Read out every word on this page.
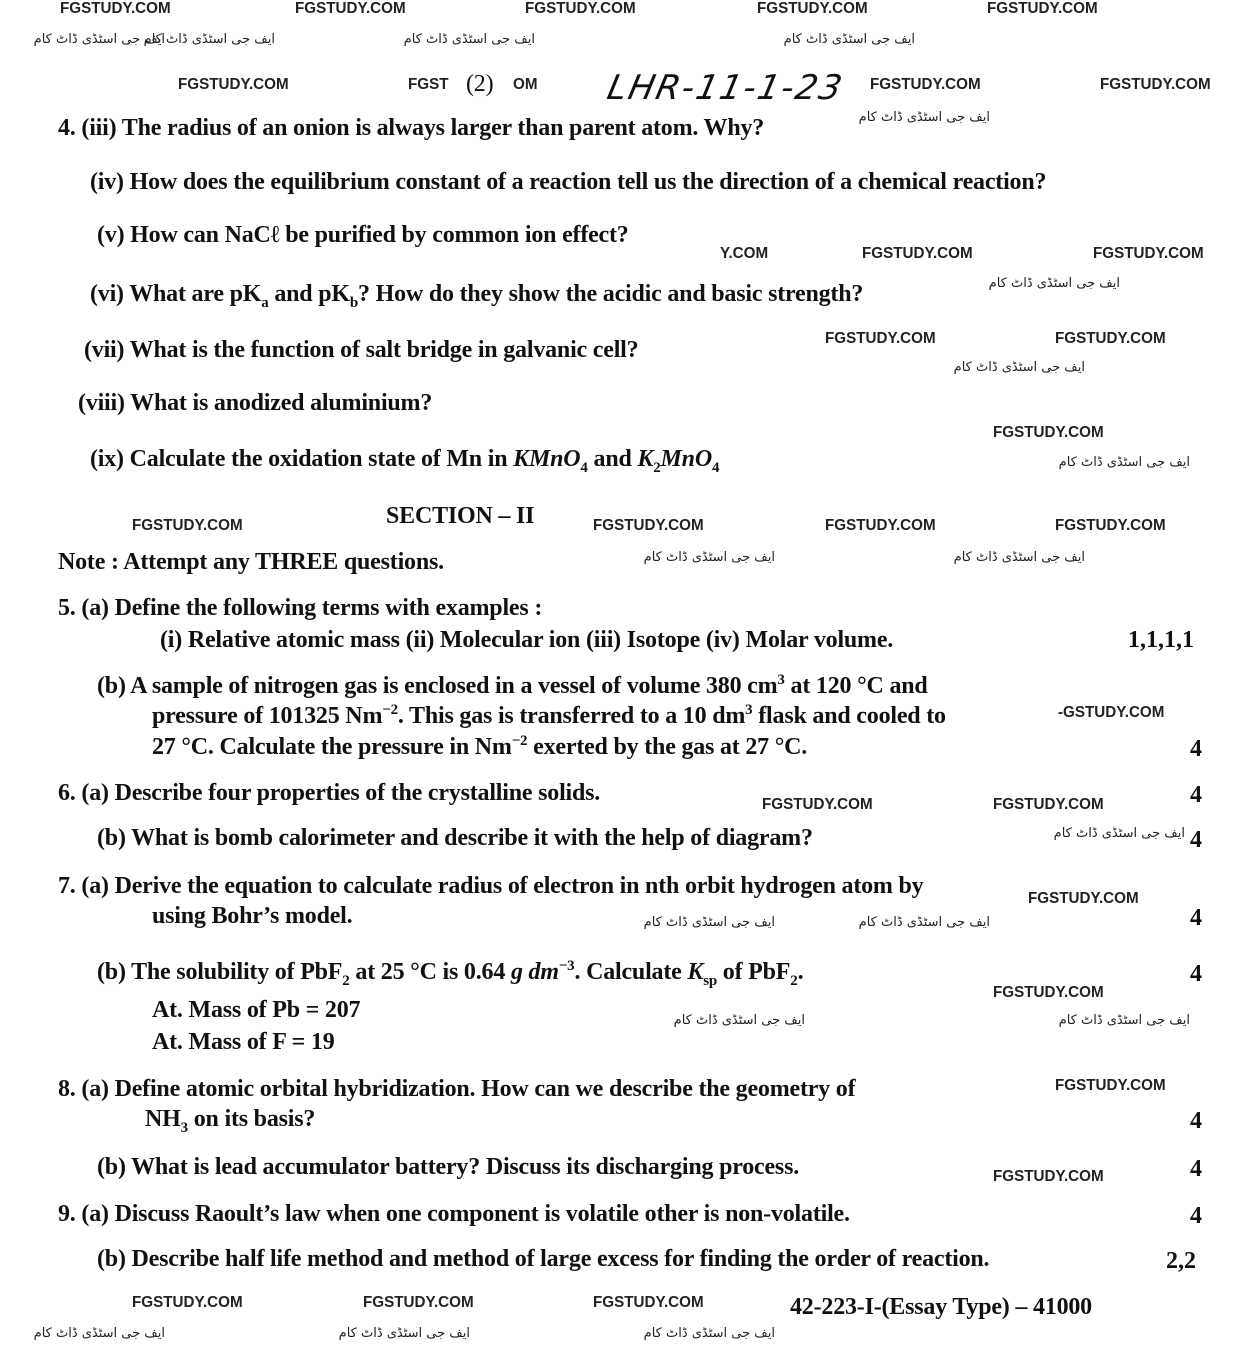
FGSTUDY.COM	FGSTUDY.COM	FGSTUDY.COM	FGSTUDY.COM	FGSTUDY.COM
ایف جی اسٹڈی ڈاٹ کام
ایف جی اسٹڈی ڈاٹ کام	ایف جی اسٹڈی ڈاٹ کام	ایف جی اسٹڈی ڈاٹ کام
FGSTUDY.COM	FGST (2) OM LHR-11-1-23 FGSTUDY.COM	FGSTUDY.COM
4. (iii) The radius of an onion is always larger than parent atom. Why?	ایف جی اسٹڈی ڈاٹ کام
(iv) How does the equilibrium constant of a reaction tell us the direction of a chemical reaction?
(v) How can NaCℓ be purified by common ion effect?
Y.COM	FGSTUDY.COM	FGSTUDY.COM
(vi) What are $pK_a$ and $pK_b$? How do they show the acidic and basic strength?	ایف جی اسٹڈی ڈاٹ کام
FGSTUDY.COM	FGSTUDY.COM
(vii) What is the function of salt bridge in galvanic cell?
ایف جی اسٹڈی ڈاٹ کام
(viii) What is anodized aluminium?
FGSTUDY.COM
(ix) Calculate the oxidation state of Mn in KMnO$_4$ and $K_2MnO_4$	ایف جی اسٹڈی ڈاٹ کام
FGSTUDY.COM	SECTION – II	FGSTUDY.COM	FGSTUDY.COM	FGSTUDY.COM
Note : Attempt any THREE questions.	ایف جی اسٹڈی ڈاٹ کام	ایف جی اسٹڈی ڈاٹ کام
5. (a) Define the following terms with examples :
(i) Relative atomic mass (ii) Molecular ion (iii) Isotope (iv) Molar volume.	1,1,1,1
(b) A sample of nitrogen gas is enclosed in a vessel of volume 380 $cm^3$ at 120 °C and
pressure of 101325 $Nm^{-2}$. This gas is transferred to a 10 $dm^3$ flask and cooled to	-GSTUDY.COM
27 °C. Calculate the pressure in $Nm^{-2}$ exerted by the gas at 27 °C.	4
6. (a) Describe four properties of the crystalline solids.	FGSTUDY.COM	FGSTUDY.COM	4
(b) What is bomb calorimeter and describe it with the help of diagram?	ایف جی اسٹڈی ڈاٹ کام 4
7. (a) Derive the equation to calculate radius of electron in nth orbit hydrogen atom by	FGSTUDY.COM
using Bohr’s model.	ایف جی اسٹڈی ڈاٹ کام	ایف جی اسٹڈی ڈاٹ کام	4
(b) The solubility of PbF$_2$ at 25 °C is 0.64 g $dm^{-3}$. Calculate $K_{sp}$ of PbF$_2$.	4
FGSTUDY.COM
At. Mass of Pb = 207	ایف جی اسٹڈی ڈاٹ کام	ایف جی اسٹڈی ڈاٹ کام
At. Mass of F = 19
8. (a) Define atomic orbital hybridization. How can we describe the geometry of	FGSTUDY.COM
$NH_3$ on its basis?	4
(b) What is lead accumulator battery? Discuss its discharging process.	FGSTUDY.COM	4
9. (a) Discuss Raoult’s law when one component is volatile other is non-volatile.	4
(b) Describe half life method and method of large excess for finding the order of reaction.	2,2
FGSTUDY.COM	FGSTUDY.COM	FGSTUDY.COM	42-223-I-(Essay Type) – 41000
ایف جی اسٹڈی ڈاٹ کام	ایف جی اسٹڈی ڈاٹ کام	ایف جی اسٹڈی ڈاٹ کام
